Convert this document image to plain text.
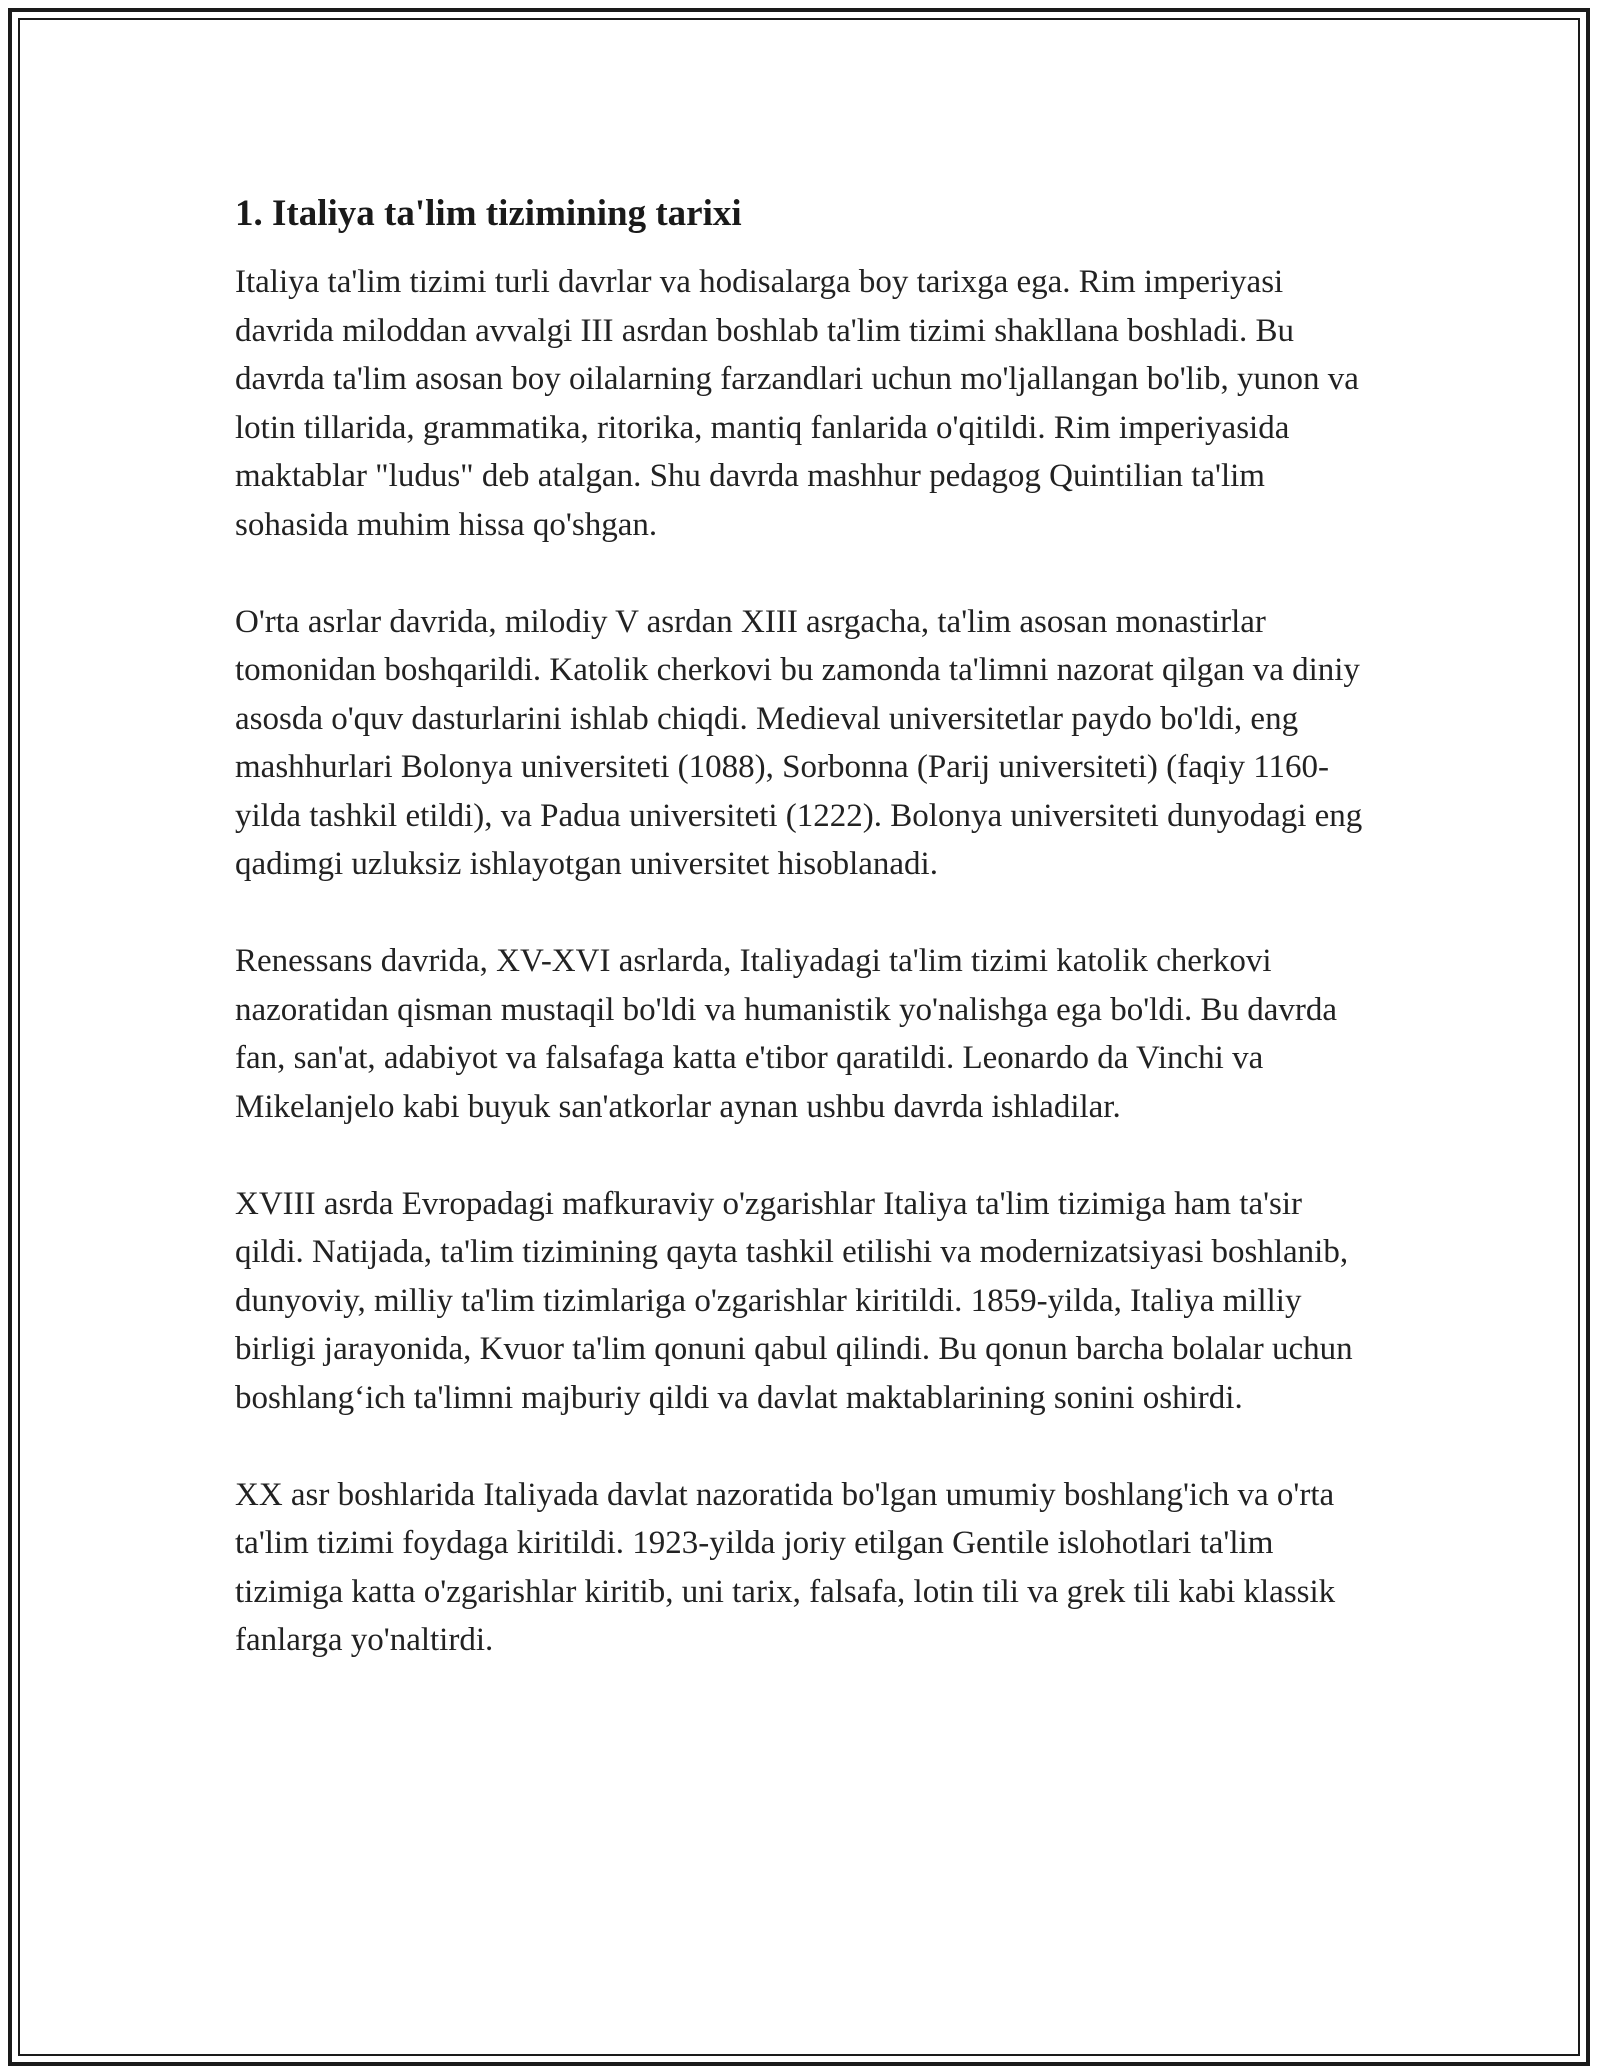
1. Italiya ta'lim tizimining tarixi

Italiya ta'lim tizimi turli davrlar va hodisalarga boy tarixga ega. Rim imperiyasi davrida miloddan avvalgi III asrdan boshlab ta'lim tizimi shakllana boshladi. Bu davrda ta'lim asosan boy oilalarning farzandlari uchun mo'ljallangan bo'lib, yunon va lotin tillarida, grammatika, ritorika, mantiq fanlarida o'qitildi. Rim imperiyasida maktablar "ludus" deb atalgan. Shu davrda mashhur pedagog Quintilian ta'lim sohasida muhim hissa qo'shgan.

O'rta asrlar davrida, milodiy V asrdan XIII asrgacha, ta'lim asosan monastirlar tomonidan boshqarildi. Katolik cherkovi bu zamonda ta'limni nazorat qilgan va diniy asosda o'quv dasturlarini ishlab chiqdi. Medieval universitetlar paydo bo'ldi, eng mashhurlari Bolonya universiteti (1088), Sorbonna (Parij universiteti) (faqiy 1160-yilda tashkil etildi), va Padua universiteti (1222). Bolonya universiteti dunyodagi eng qadimgi uzluksiz ishlayotgan universitet hisoblanadi.

Renessans davrida, XV-XVI asrlarda, Italiyadagi ta'lim tizimi katolik cherkovi nazoratidan qisman mustaqil bo'ldi va humanistik yo'nalishga ega bo'ldi. Bu davrda fan, san'at, adabiyot va falsafaga katta e'tibor qaratildi. Leonardo da Vinchi va Mikelanjelo kabi buyuk san'atkorlar aynan ushbu davrda ishladilar.

XVIII asrda Evropadagi mafkuraviy o'zgarishlar Italiya ta'lim tizimiga ham ta'sir qildi. Natijada, ta'lim tizimining qayta tashkil etilishi va modernizatsiyasi boshlanib, dunyoviy, milliy ta'lim tizimlariga o'zgarishlar kiritildi. 1859-yilda, Italiya milliy birligi jarayonida, Kvuor ta'lim qonuni qabul qilindi. Bu qonun barcha bolalar uchun boshlang‘ich ta'limni majburiy qildi va davlat maktablarining sonini oshirdi.

XX asr boshlarida Italiyada davlat nazoratida bo'lgan umumiy boshlang'ich va o'rta ta'lim tizimi foydaga kiritildi. 1923-yilda joriy etilgan Gentile islohotlari ta'lim tizimiga katta o'zgarishlar kiritib, uni tarix, falsafa, lotin tili va grek tili kabi klassik fanlarga yo'naltirdi.
